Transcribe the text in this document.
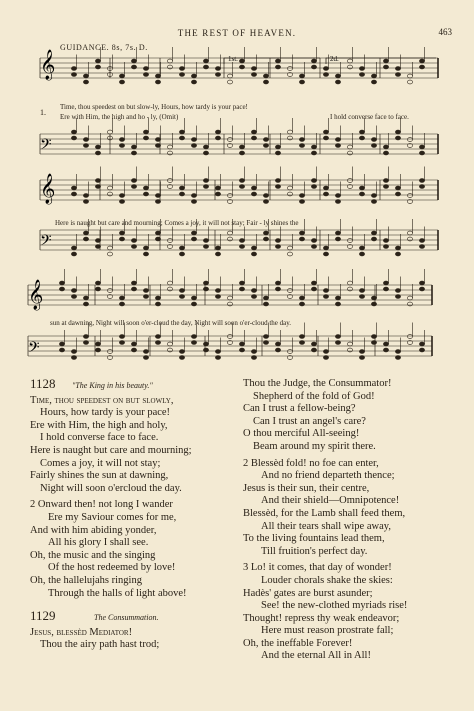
THE REST OF HEAVEN.	463
GUIDANCE. 8s, 7s. D.
𝄞
𝄢
𝄞
𝄢
𝄞
𝄢
1st.	2d.
1.
Time, thou speedest on but slow-ly, Hours, how tardy is your pace!
Ere with Him, the high and ho - ly, (Omit)	I hold converse face to face.
Here is naught but care and mourning; Comes a joy, it will not stay; Fair - ly shines the
sun at dawning, Night will soon o'er-cloud the day, Night will soon o'er-cloud the day.
1128	"The King in his beauty."
Time, thou speedest on but slowly,
Hours, how tardy is your pace!
Ere with Him, the high and holy,
I hold converse face to face.
Here is naught but care and mourning;
Comes a joy, it will not stay;
Fairly shines the sun at dawning,
Night will soon o'ercloud the day.
2 Onward then! not long I wander
Ere my Saviour comes for me,
And with him abiding yonder,
All his glory I shall see.
Oh, the music and the singing
Of the host redeemed by love!
Oh, the hallelujahs ringing
Through the halls of light above!
1129	The Consummation.
Jesus, blessèd Mediator!
Thou the airy path hast trod;
Thou the Judge, the Consummator!
Shepherd of the fold of God!
Can I trust a fellow-being?
Can I trust an angel's care?
O thou merciful All-seeing!
Beam around my spirit there.
2 Blessèd fold! no foe can enter,
And no friend departeth thence;
Jesus is their sun, their centre,
And their shield—Omnipotence!
Blessèd, for the Lamb shall feed them,
All their tears shall wipe away,
To the living fountains lead them,
Till fruition's perfect day.
3 Lo! it comes, that day of wonder!
Louder chorals shake the skies:
Hadès' gates are burst asunder;
See! the new-clothed myriads rise!
Thought! repress thy weak endeavor;
Here must reason prostrate fall;
Oh, the ineffable Forever!
And the eternal All in All!
